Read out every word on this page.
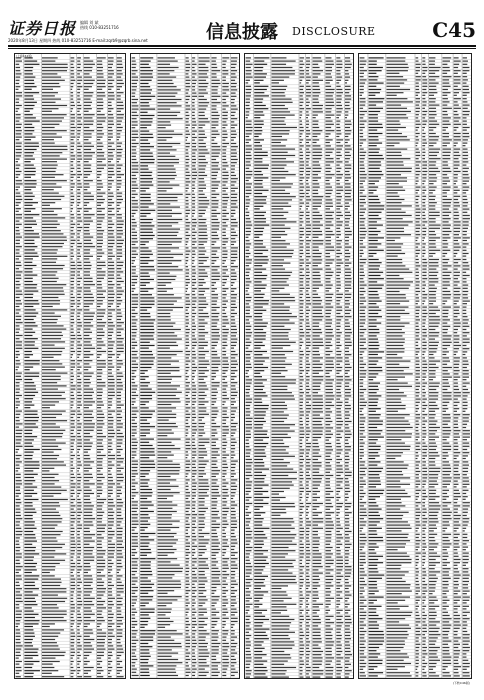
证券日报 编辑 刘 斌
热线 010-83251716
2020年8月13日 星期四 热线 010-83251716 E-mail:zqrb9@zqrb.sina.net	信息披露 DISCLOSURE	C45
(上接C44版)
(下转C46版)
